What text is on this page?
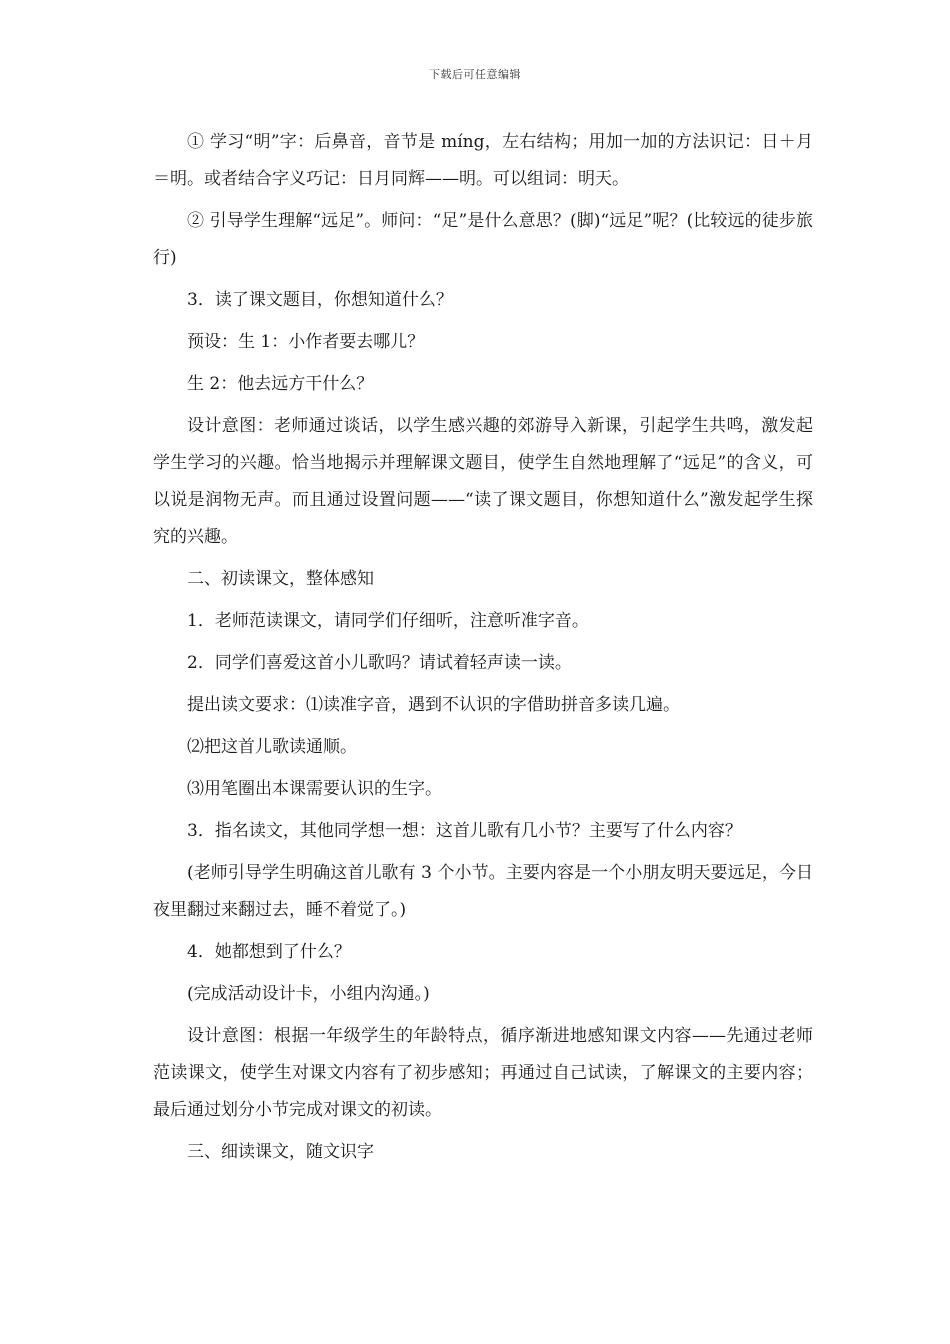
下载后可任意编辑

① 学习“明”字：后鼻音，音节是 míng，左右结构；用加一加的方法识记：日＋月＝明。或者结合字义巧记：日月同辉——明。可以组词：明天。

② 引导学生理解“远足”。师问：“足”是什么意思？(脚)“远足”呢？(比较远的徒步旅行)

3．读了课文题目，你想知道什么？

预设：生 1：小作者要去哪儿？

生 2：他去远方干什么？

设计意图：老师通过谈话，以学生感兴趣的郊游导入新课，引起学生共鸣，激发起学生学习的兴趣。恰当地揭示并理解课文题目，使学生自然地理解了“远足”的含义，可以说是润物无声。而且通过设置问题——“读了课文题目，你想知道什么”激发起学生探究的兴趣。

二、初读课文，整体感知

1．老师范读课文，请同学们仔细听，注意听准字音。

2．同学们喜爱这首小儿歌吗？请试着轻声读一读。

提出读文要求：⑴读准字音，遇到不认识的字借助拼音多读几遍。

⑵把这首儿歌读通顺。

⑶用笔圈出本课需要认识的生字。

3．指名读文，其他同学想一想：这首儿歌有几小节？主要写了什么内容？

(老师引导学生明确这首儿歌有 3 个小节。主要内容是一个小朋友明天要远足，今日夜里翻过来翻过去，睡不着觉了。)

4．她都想到了什么？

(完成活动设计卡，小组内沟通。)

设计意图：根据一年级学生的年龄特点，循序渐进地感知课文内容——先通过老师范读课文，使学生对课文内容有了初步感知；再通过自己试读，了解课文的主要内容；最后通过划分小节完成对课文的初读。

三、细读课文，随文识字
